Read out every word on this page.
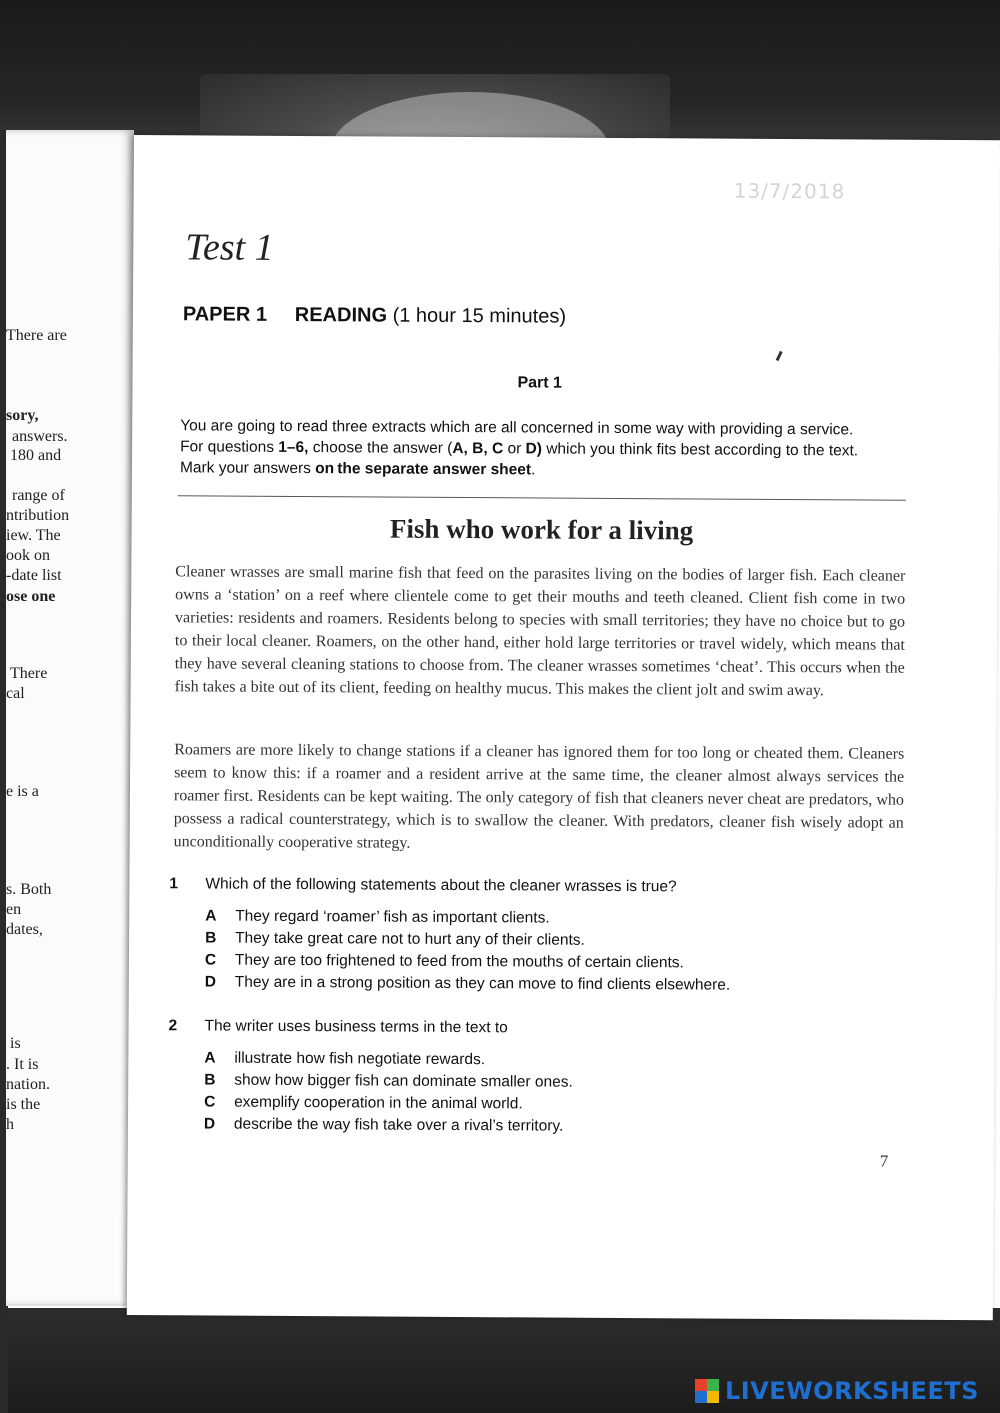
There are
sory,
answers.
180 and
range of
ntribution
iew. The
ook on
-date list
ose one
There
cal
e is a
s. Both
en
dates,
is
. It is
nation.
is the
h
13/7/2018
Test 1
PAPER 1 READING (1 hour 15 minutes)
Part 1
You are going to read three extracts which are all concerned in some way with providing a service.
For questions 1–6, choose the answer (A, B, C or D) which you think fits best according to the text.
Mark your answers on  the separate answer sheet.
Fish who work for a living
Cleaner wrasses are small marine fish that feed on the parasites living on the bodies of larger fish. Each cleaner owns a ‘station’ on a reef where clientele come to get their mouths and teeth cleaned. Client fish come in two varieties: residents and roamers. Residents belong to species with small territories; they have no choice but to go to their local cleaner. Roamers, on the other hand, either hold large territories or travel widely, which means that they have several cleaning stations to choose from. The cleaner wrasses sometimes ‘cheat’. This occurs when the fish takes a bite out of its client, feeding on healthy mucus. This makes the client jolt and swim away.
Roamers are more likely to change stations if a cleaner has ignored them for too long or cheated them. Cleaners seem to know this: if a roamer and a resident arrive at the same time, the cleaner almost always services the roamer first. Residents can be kept waiting. The only category of fish that cleaners never cheat are predators, who possess a radical counterstrategy, which is to swallow the cleaner. With predators, cleaner fish wisely adopt an unconditionally cooperative strategy.
1 Which of the following statements about the cleaner wrasses is true?
A They regard ‘roamer’ fish as important clients.
B They take great care not to hurt any of their clients.
C They are too frightened to feed from the mouths of certain clients.
D They are in a strong position as they can move to find clients elsewhere.
2 The writer uses business terms in the text to
A illustrate how fish negotiate rewards.
B show how bigger fish can dominate smaller ones.
C exemplify cooperation in the animal world.
D describe the way fish take over a rival’s territory.
7
LIVEWORKSHEETS
